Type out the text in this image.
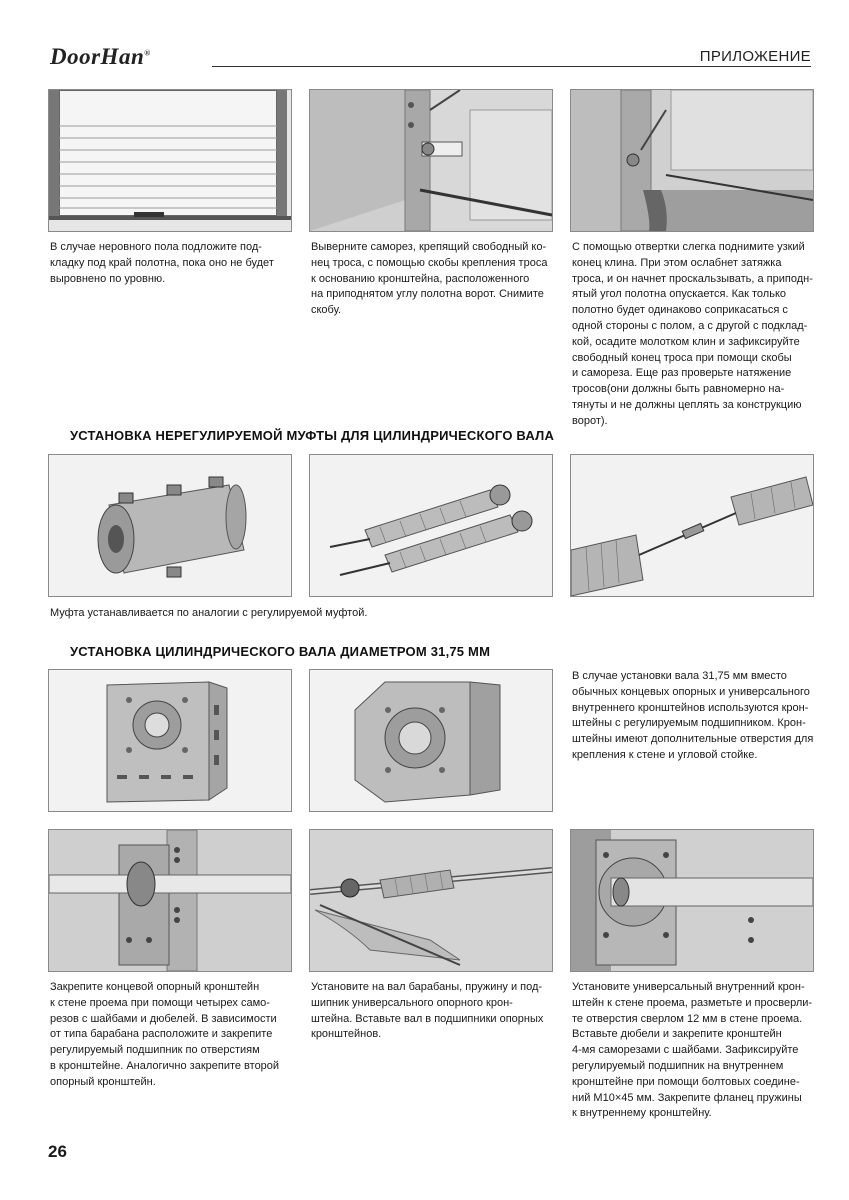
DoorHan®	ПРИЛОЖЕНИЕ
В случае неровного пола подложите под-
кладку под край полотна, пока оно не будет
выровнено по уровню.
Выверните саморез, крепящий свободный ко-
нец троса, с помощью скобы крепления троса
к основанию кронштейна, расположенного
на приподнятом углу полотна ворот. Снимите
скобу.
С помощью отвертки слегка поднимите узкий
конец клина. При этом ослабнет затяжка
троса, и он начнет проскальзывать, а приподн-
ятый угол полотна опускается. Как только
полотно будет одинаково соприкасаться с
одной стороны с полом, а с другой с подклад-
кой, осадите молотком клин и зафиксируйте
свободный конец троса при помощи скобы
и самореза. Еще раз проверьте натяжение
тросов(они должны быть равномерно на-
тянуты и не должны цеплять за конструкцию
ворот).
УСТАНОВКА НЕРЕГУЛИРУЕМОЙ МУФТЫ ДЛЯ ЦИЛИНДРИЧЕСКОГО ВАЛА
Муфта устанавливается по аналогии с регулируемой муфтой.
УСТАНОВКА ЦИЛИНДРИЧЕСКОГО ВАЛА ДИАМЕТРОМ 31,75 ММ
В случае установки вала 31,75 мм вместо
обычных концевых опорных и универсального
внутреннего кронштейнов используются крон-
штейны с регулируемым подшипником. Крон-
штейны имеют дополнительные отверстия для
крепления к стене и угловой стойке.
Закрепите концевой опорный кронштейн
к стене проема при помощи четырех само-
резов с шайбами и дюбелей. В зависимости
от типа барабана расположите и закрепите
регулируемый подшипник по отверстиям
в кронштейне. Аналогично закрепите второй
опорный кронштейн.
Установите на вал барабаны, пружину и под-
шипник универсального опорного крон-
штейна. Вставьте вал в подшипники опорных
кронштейнов.
Установите универсальный внутренний крон-
штейн к стене проема, разметьте и просверли-
те отверстия сверлом 12 мм в стене проема.
Вставьте дюбели и закрепите кронштейн
4-мя саморезами с шайбами. Зафиксируйте
регулируемый подшипник на внутреннем
кронштейне при помощи болтовых соедине-
ний М10×45 мм. Закрепите фланец пружины
к внутреннему кронштейну.
26
